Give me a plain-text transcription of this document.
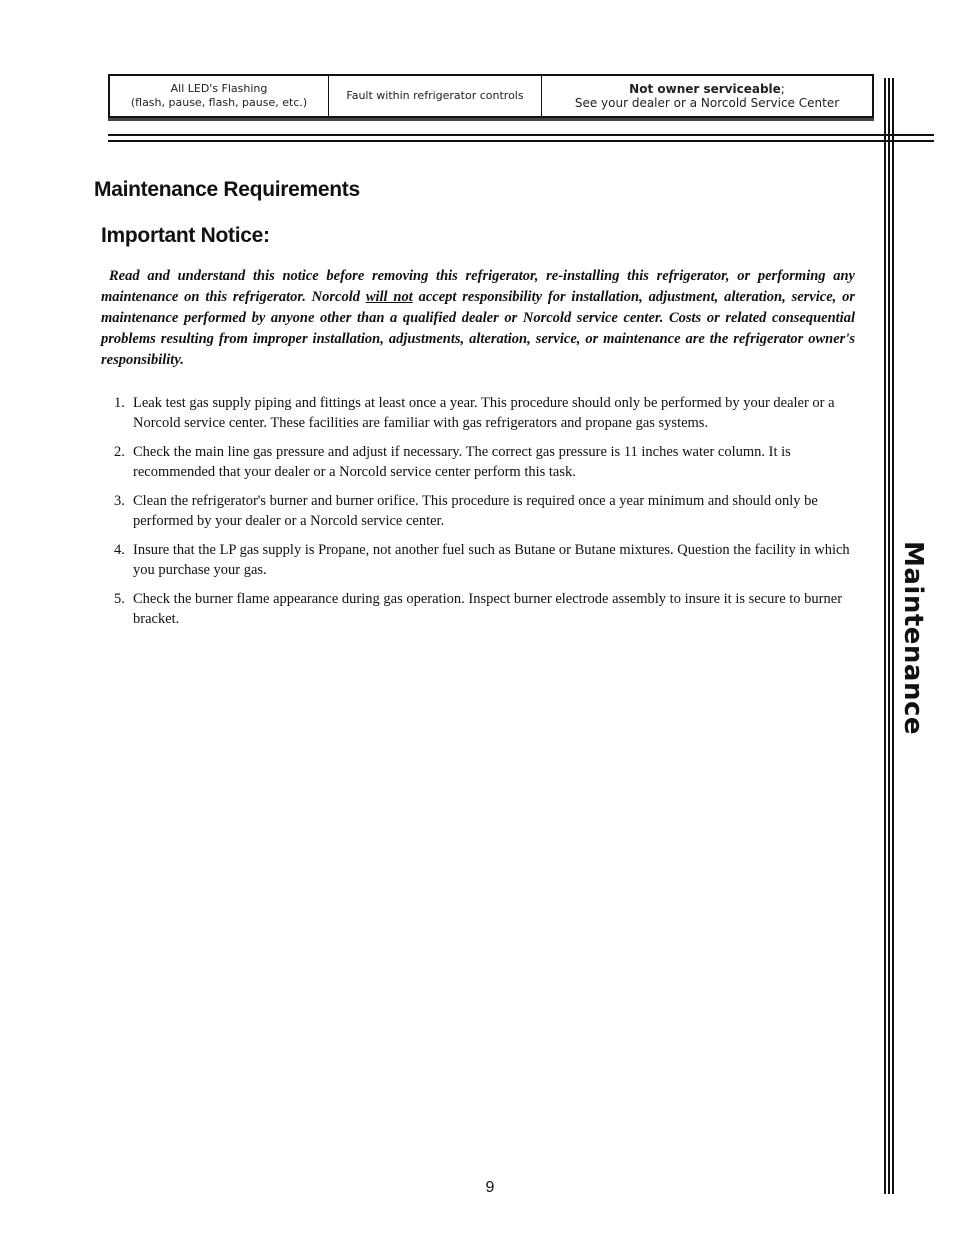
All LED's Flashing
(flash, pause, flash, pause, etc.)
Fault within refrigerator controls	Not owner serviceable;
See your dealer or a Norcold Service Center
Maintenance
Maintenance Requirements
Important Notice:

Read and understand this notice before removing this refrigerator, re-installing this refrigerator, or performing any maintenance on this refrigerator. Norcold will not accept responsibility for installation, adjustment, alteration, service, or maintenance performed by anyone other than a qualified dealer or Norcold service center. Costs or related consequential problems resulting from improper installation, adjustments, alteration, service, or maintenance are the refrigerator owner's responsibility.

1. Leak test gas supply piping and fittings at least once a year. This procedure should only be performed by your dealer or a Norcold service center. These facilities are familiar with gas refrigerators and propane gas systems.
2. Check the main line gas pressure and adjust if necessary. The correct gas pressure is 11 inches water column. It is recommended that your dealer or a Norcold service center perform this task.
3. Clean the refrigerator's burner and burner orifice. This procedure is required once a year minimum and should only be performed by your dealer or a Norcold service center.
4. Insure that the LP gas supply is Propane, not another fuel such as Butane or Butane mixtures. Question the facility in which you purchase your gas.
5. Check the burner flame appearance during gas operation. Inspect burner electrode assembly to insure it is secure to burner bracket.
9
